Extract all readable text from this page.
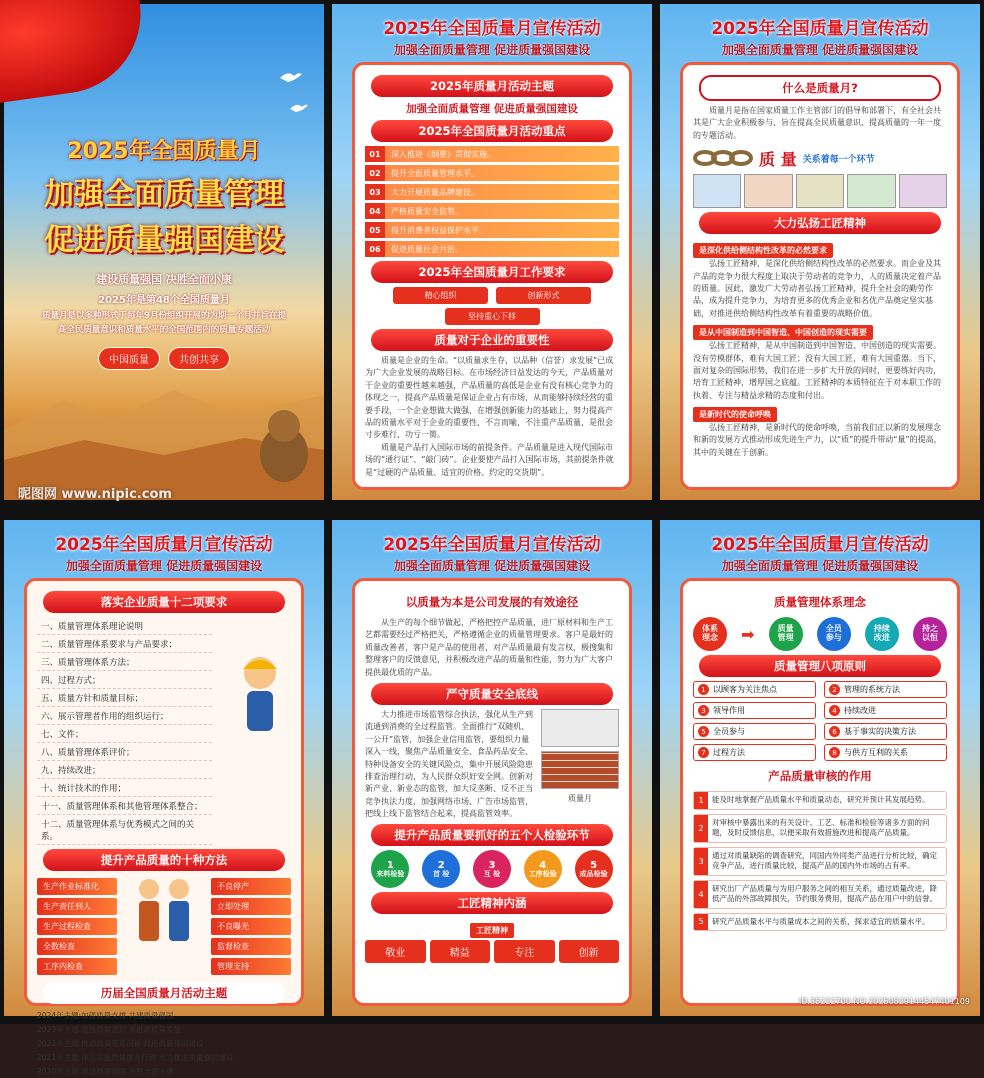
2025年全国质量月
加强全面质量管理
促进质量强国建设
建设质量强国 决胜全面小康
2025年是第48个全国质量月
质量月是以多种形式于每年9月份组织开展的为期一个月并旨在提高全民质量意识和质量水平的全国范围内的质量专题活动
中国质量	共创共享
昵图网 www.nipic.com
2025年全国质量月宣传活动
加强全面质量管理 促进质量强国建设
2025年质量月活动主题
加强全面质量管理 促进质量强国建设
2025年全国质量月活动重点
01	深入推进《纲要》贯彻实施。
02	提升全面质量管理水平。
03	大力开展质量品牌建设。
04	严格质量安全监管。
05	提升消费者权益保护水平。
06	促进质量社会共治。
2025年全国质量月工作要求
精心组织	创新形式
坚持重心下移
质量对于企业的重要性
质量是企业的生命。“以质量求生存，以品种（信誉）求发展”已成为广大企业发展的战略目标。在市场经济日益发达的今天，产品质量对于企业的重要性越来越强，产品质量的高低是企业有没有核心竞争力的体现之一，提高产品质量是保证企业占有市场，从而能够持续经营的重要手段，一个企业想做大做强，在增强创新能力的基础上，努力提高产品的质量水平对于企业的重要性，不言而喻，不注重产品质量，是很会寸步难行，功亏一篑。
质量是产品打入国际市场的前提条件。产品质量是进入现代国际市场的“通行证”、“敲门砖”。企业要使产品打入国际市场，其前提条件就是“过硬的产品质量、适宜的价格、约定的交货期”。
2025年全国质量月宣传活动
加强全面质量管理 促进质量强国建设
什么是质量月?
质量月是指在国家质量工作主管部门的倡导和部署下，有全社会共其是广大企业积极参与、旨在提高全民质量意识、提高质量的一年一度的专题活动。
质 量 关系着每一个环节
大力弘扬工匠精神
是深化供给侧结构性改革的必然要求
弘扬工匠精神，是深化供给侧结构性改革的必然要求。而企业及其产品的竞争力很大程度上取决于劳动者的竞争力，人的质量决定着产品的质量。因此，激发广大劳动者弘扬工匠精神，提升全社会的勤劳作品，成为提升竞争力，为培育更多的优秀企业和名优产品奠定坚实基础，对推进供给侧结构性改革有着重要的战略价值。
是从中国制造到中国智造、中国创造的现实需要
弘扬工匠精神，是从中国制造到中国智造、中国创造的现实需要。没有劳模群体，难有大国工匠；没有大国工匠，难有大国重器。当下，面对复杂的国际形势，我们在进一步扩大开放的同时，更要练好内功，培育工匠精神，增厚国之底蕴。工匠精神的本质特征在于对本职工作的执着、专注与精益求精的态度和付出。
是新时代的使命呼唤
弘扬工匠精神，是新时代的使命呼唤，当前我们正以新的发展理念和新的发展方式推动形成先进生产力，以“质”的提升带动“量”的提高，其中的关键在于创新。
2025年全国质量月宣传活动
加强全面质量管理 促进质量强国建设
落实企业质量十二项要求
一、质量管理体系理论说明
二、质量管理体系要求与产品要求；
三、质量管理体系方法；
四、过程方式；
五、质量方针和质量目标；
六、展示管理者作用的组织运行；
七、文件；
八、质量管理体系评价；
九、持续改进；
十、统计技术的作用；
十一、质量管理体系和其他管理体系整合；
十二、质量管理体系与优秀模式之间的关系。
提升产品质量的十种方法
生产作业标准化
生产责任到人
生产过程检查
全数检查
工序内检查
不良停产
立即处理
不良曝光
监督检查
管理支持
历届全国质量月活动主题
2024年主题:加强质量支撑 共建质量强国
2023年主题:增强质量意识 推进高质量发展
2022年主题:推动质量变革创新 促进质量强国建设
2021年主题:深入实施质量提升行动 大力推进质量强国建设
2020年主题:建设质量强国 决胜全面小康
2025年全国质量月宣传活动
加强全面质量管理 促进质量强国建设
以质量为本是公司发展的有效途径
从生产的每个细节做起，严格把控产品质量，进厂原材料和生产工艺都需要经过严格把关，严格遵循企业的质量管理要求。客户是最好的质量改善者，客户是产品的使用者，对产品质量最有发言权，极搜集和整理客户的反馈意见，并积极改进产品的质量和性能，努力为广大客户提供最优质的产品。
严守质量安全底线
大力推进市场监管综合执法，强化从生产到流通到消费的全过程监管。全面推行“双随机、一公开”监管，加强企业信用监管，要组织力量深入一线，聚焦产品质量安全、食品药品安全、特种设备安全的关键风险点，集中开展风险隐患排查治理行动，为人民群众织好安全网。创新对新产业、新业态的监管，加大反垄断、反不正当竞争执法力度，加强网络市场、广告市场监管，把线上线下监管结合起来，提高监管效率。
质量月
提升产品质量要抓好的五个人检验环节
1
来料检验
2
首 检
3
互 检
4
工序检验
5
成品检验
工匠精神内涵
工匠精神
敬业	精益	专注	创新
2025年全国质量月宣传活动
加强全面质量管理 促进质量强国建设
质量管理体系理念
体系
理念	➡	质量
管理
全员
参与
持续
改进
持之
以恒
质量管理八项原则
1 以顾客为关注焦点	2 管理的系统方法
3 领导作用	4 持续改进
5 全员参与	6 基于事实的决策方法
7 过程方法	8 与供方互利的关系
产品质量审核的作用
1	能及时地掌握产品质量水平和质量动态，研究并预计其发展趋势。
2
对审核中暴露出来的有关设计、工艺、标准和检验等诸多方面的问题，及时反馈信息，以便采取有效措施改进和提高产品质量。
3
通过对质量缺陷的调查研究，同国内外同类产品进行分析比较，确定竞争产品，进行质量比较，提高产品的国内外市场的占有率。
4
研究出厂产品质量与为用户服务之间的相互关系，通过质量改进，降低产品的外部故障损失，节约服务费用，提高产品在用户中的信誉。
5	研究产品质量水平与质量成本之间的关系，探求适宜的质量水平。
ID:35222700 NO:20250829144547401109
